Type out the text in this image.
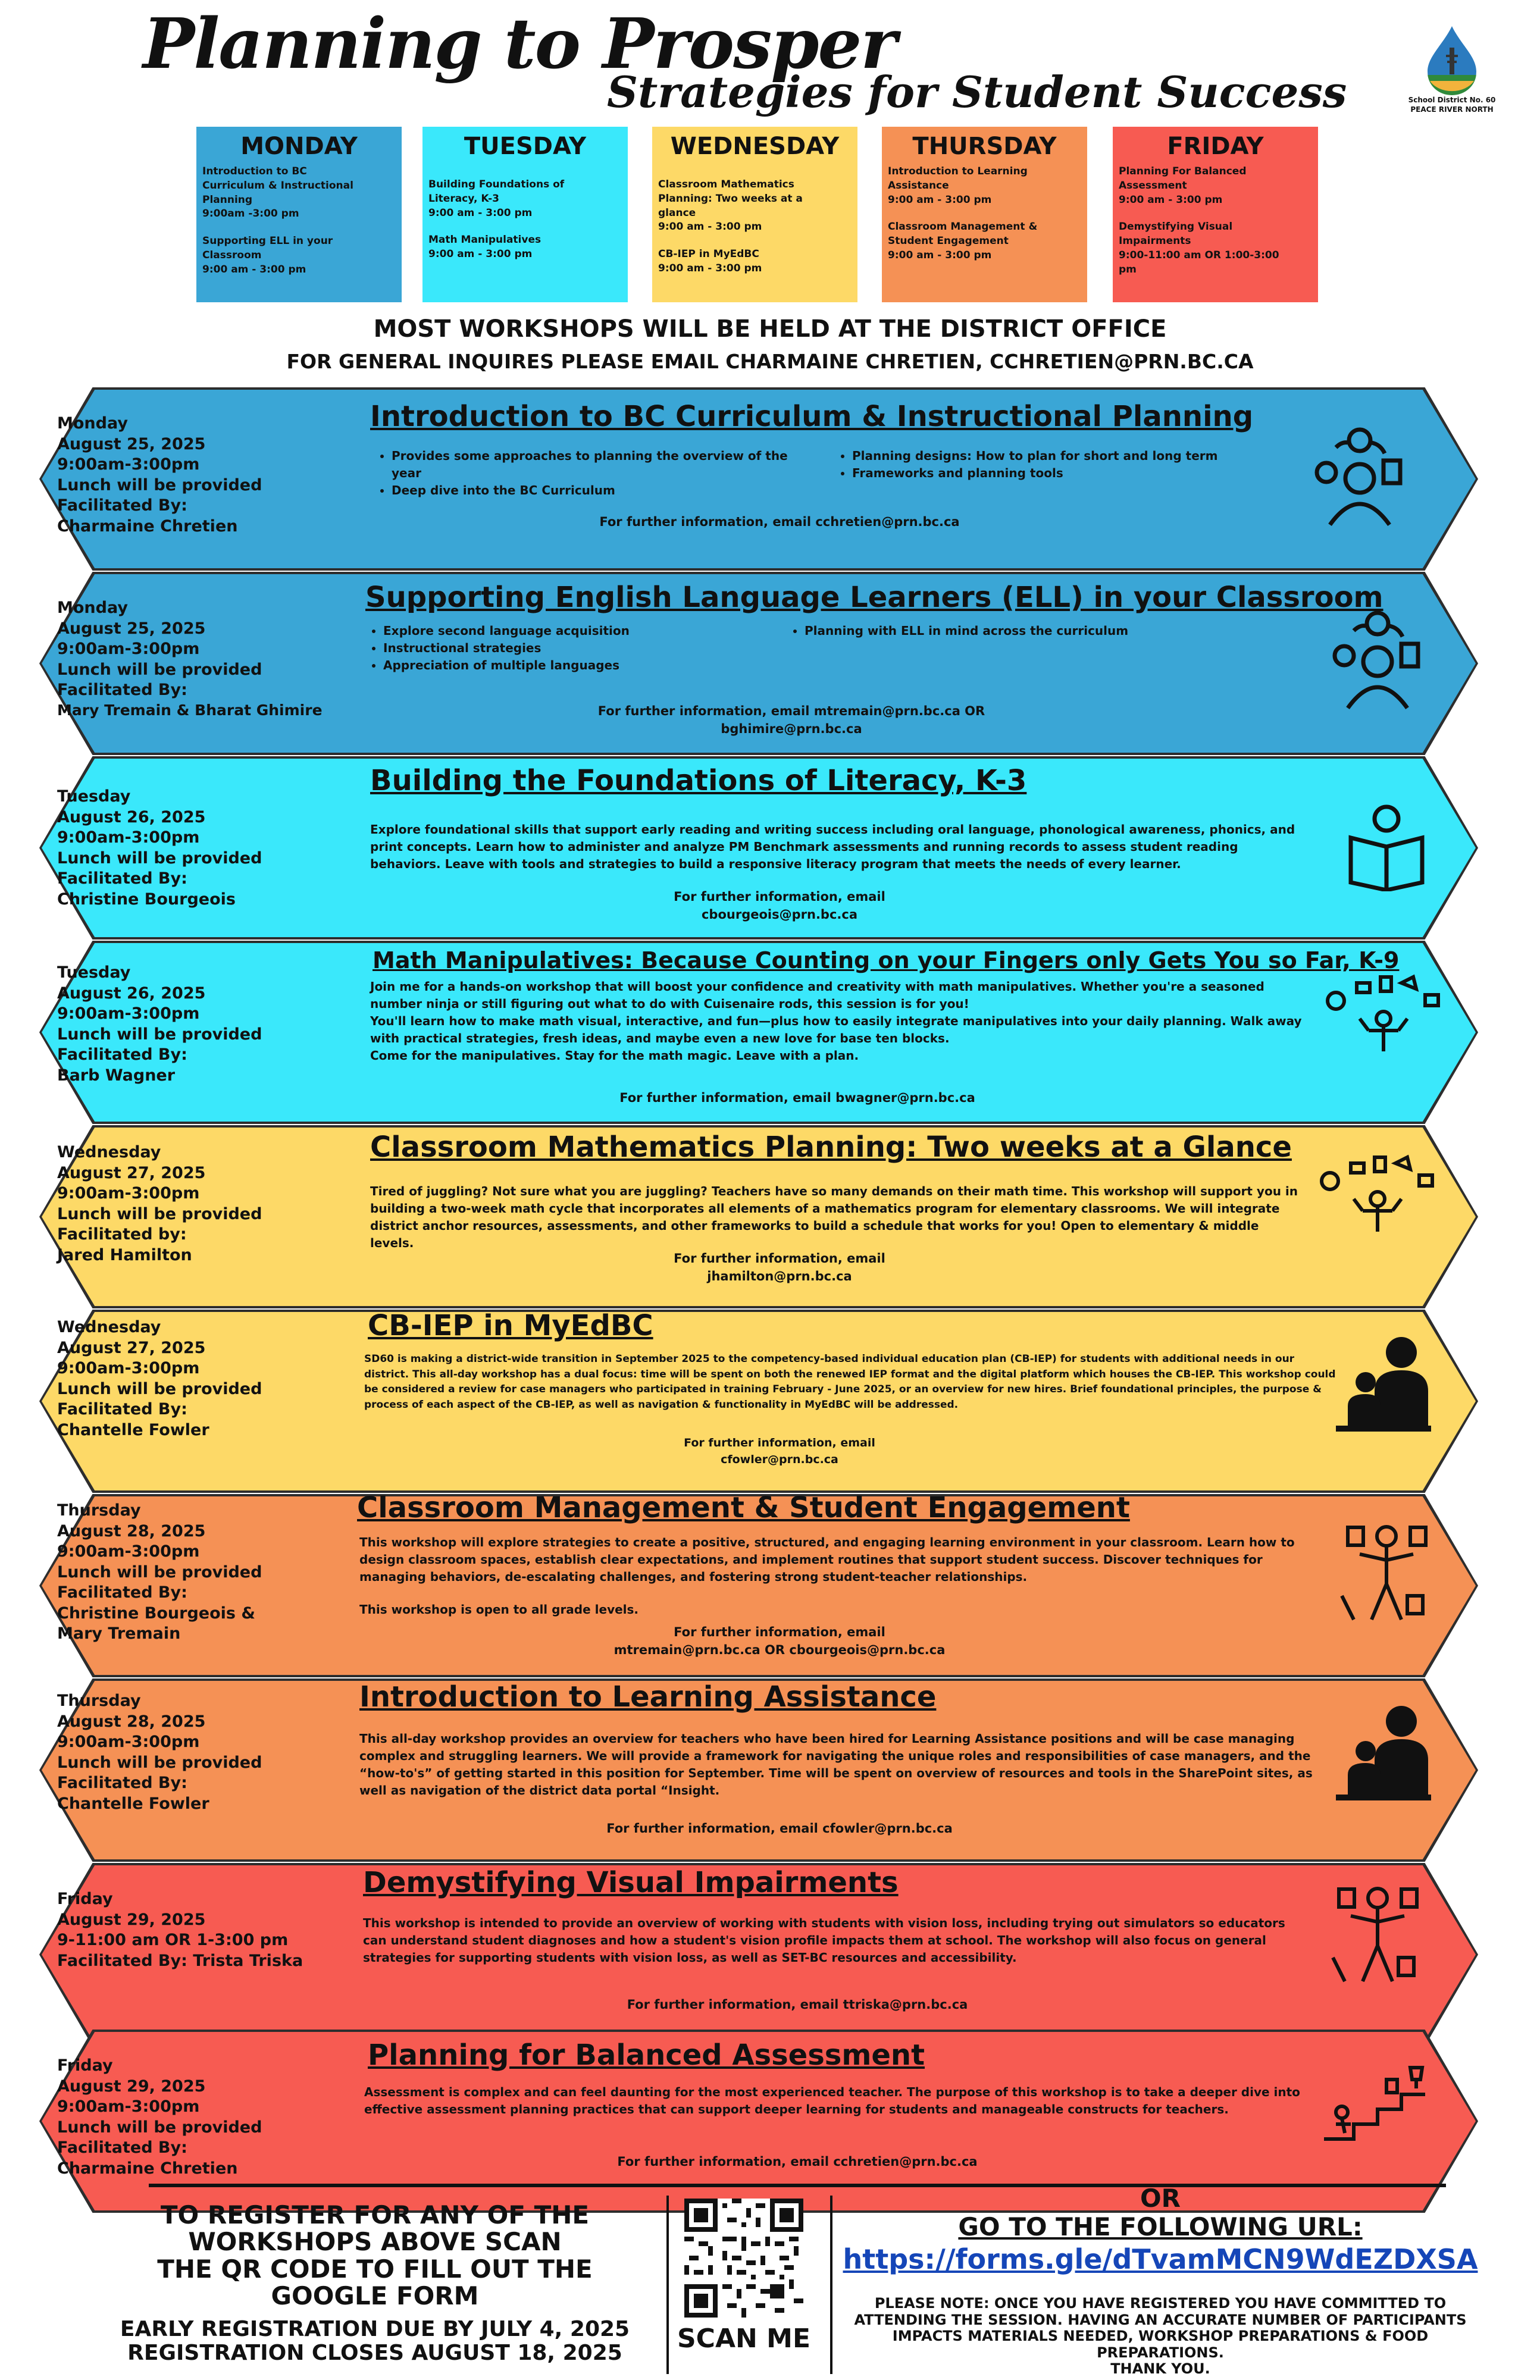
Planning to Prosper
Strategies for Student Success	School District No. 60
PEACE RIVER NORTH
MONDAY
Introduction to BC
Curriculum & Instructional
Planning
9:00am -3:00 pm
Supporting ELL in your
Classroom
9:00 am - 3:00 pm
TUESDAY
Building Foundations of
Literacy, K-3
9:00 am - 3:00 pm
Math Manipulatives
9:00 am - 3:00 pm
WEDNESDAY
Classroom Mathematics
Planning: Two weeks at a
glance
9:00 am - 3:00 pm
CB-IEP in MyEdBC
9:00 am - 3:00 pm
THURSDAY
Introduction to Learning
Assistance
9:00 am - 3:00 pm
Classroom Management &
Student Engagement
9:00 am - 3:00 pm
FRIDAY
Planning For Balanced
Assessment
9:00 am - 3:00 pm
Demystifying Visual
Impairments
9:00-11:00 am OR 1:00-3:00
pm
MOST WORKSHOPS WILL BE HELD AT THE DISTRICT OFFICE
FOR GENERAL INQUIRES PLEASE EMAIL CHARMAINE CHRETIEN, CCHRETIEN@PRN.BC.CA
Monday
August 25, 2025
9:00am-3:00pm
Lunch will be provided
Facilitated By:
Charmaine Chretien
Introduction to BC Curriculum & Instructional Planning
• Provides some approaches to planning the overview of the year
• Deep dive into the BC Curriculum
• Planning designs: How to plan for short and long term
• Frameworks and planning tools
For further information, email cchretien@prn.bc.ca
Monday
August 25, 2025
9:00am-3:00pm
Lunch will be provided
Facilitated By:
Mary Tremain & Bharat Ghimire
Supporting English Language Learners (ELL) in your Classroom
• Explore second language acquisition
• Instructional strategies
• Appreciation of multiple languages
• Planning with ELL in mind across the curriculum
For further information, email mtremain@prn.bc.ca OR
bghimire@prn.bc.ca
Tuesday
August 26, 2025
9:00am-3:00pm
Lunch will be provided
Facilitated By:
Christine Bourgeois
Building the Foundations of Literacy, K-3
Explore foundational skills that support early reading and writing success including oral language, phonological awareness, phonics, and print concepts. Learn how to administer and analyze PM Benchmark assessments and running records to assess student reading behaviors. Leave with tools and strategies to build a responsive literacy program that meets the needs of every learner.
For further information, email
cbourgeois@prn.bc.ca
Tuesday
August 26, 2025
9:00am-3:00pm
Lunch will be provided
Facilitated By:
Barb Wagner
Math Manipulatives: Because Counting on your Fingers only Gets You so Far, K-9
Join me for a hands-on workshop that will boost your confidence and creativity with math manipulatives. Whether you're a seasoned number ninja or still figuring out what to do with Cuisenaire rods, this session is for you!
You'll learn how to make math visual, interactive, and fun—plus how to easily integrate manipulatives into your daily planning. Walk away with practical strategies, fresh ideas, and maybe even a new love for base ten blocks.
Come for the manipulatives. Stay for the math magic. Leave with a plan.
For further information, email bwagner@prn.bc.ca
Wednesday
August 27, 2025
9:00am-3:00pm
Lunch will be provided
Facilitated by:
Jared Hamilton
Classroom Mathematics Planning: Two weeks at a Glance
Tired of juggling? Not sure what you are juggling? Teachers have so many demands on their math time. This workshop will support you in building a two-week math cycle that incorporates all elements of a mathematics program for elementary classrooms. We will integrate district anchor resources, assessments, and other frameworks to build a schedule that works for you! Open to elementary & middle levels.
For further information, email
jhamilton@prn.bc.ca
Wednesday
August 27, 2025
9:00am-3:00pm
Lunch will be provided
Facilitated By:
Chantelle Fowler
CB-IEP in MyEdBC
SD60 is making a district-wide transition in September 2025 to the competency-based individual education plan (CB-IEP) for students with additional needs in our district. This all-day workshop has a dual focus: time will be spent on both the renewed IEP format and the digital platform which houses the CB-IEP. This workshop could be considered a review for case managers who participated in training February - June 2025, or an overview for new hires. Brief foundational principles, the purpose & process of each aspect of the CB-IEP, as well as navigation & functionality in MyEdBC will be addressed.
For further information, email
cfowler@prn.bc.ca
Thursday
August 28, 2025
9:00am-3:00pm
Lunch will be provided
Facilitated By:
Christine Bourgeois &
Mary Tremain
Classroom Management & Student Engagement
This workshop will explore strategies to create a positive, structured, and engaging learning environment in your classroom. Learn how to design classroom spaces, establish clear expectations, and implement routines that support student success. Discover techniques for managing behaviors, de-escalating challenges, and fostering strong student-teacher relationships.
This workshop is open to all grade levels.
For further information, email
mtremain@prn.bc.ca OR cbourgeois@prn.bc.ca
Thursday
August 28, 2025
9:00am-3:00pm
Lunch will be provided
Facilitated By:
Chantelle Fowler
Introduction to Learning Assistance
This all-day workshop provides an overview for teachers who have been hired for Learning Assistance positions and will be case managing complex and struggling learners. We will provide a framework for navigating the unique roles and responsibilities of case managers, and the “how-to's” of getting started in this position for September. Time will be spent on overview of resources and tools in the SharePoint sites, as well as navigation of the district data portal “Insight.
For further information, email cfowler@prn.bc.ca
Friday
August 29, 2025
9-11:00 am OR 1-3:00 pm
Facilitated By: Trista Triska
Demystifying Visual Impairments
This workshop is intended to provide an overview of working with students with vision loss, including trying out simulators so educators can understand student diagnoses and how a student's vision profile impacts them at school. The workshop will also focus on general strategies for supporting students with vision loss, as well as SET-BC resources and accessibility.
For further information, email ttriska@prn.bc.ca
Friday
August 29, 2025
9:00am-3:00pm
Lunch will be provided
Facilitated By:
Charmaine Chretien
Planning for Balanced Assessment
Assessment is complex and can feel daunting for the most experienced teacher. The purpose of this workshop is to take a deeper dive into effective assessment planning practices that can support deeper learning for students and manageable constructs for teachers.
For further information, email cchretien@prn.bc.ca
TO REGISTER FOR ANY OF THE
WORKSHOPS ABOVE SCAN
THE QR CODE TO FILL OUT THE
GOOGLE FORM
EARLY REGISTRATION DUE BY JULY 4, 2025
REGISTRATION CLOSES AUGUST 18, 2025	SCAN ME
OR
GO TO THE FOLLOWING URL:
https://forms.gle/dTvamMCN9WdEZDXSA
PLEASE NOTE: ONCE YOU HAVE REGISTERED YOU HAVE COMMITTED TO ATTENDING THE SESSION. HAVING AN ACCURATE NUMBER OF PARTICIPANTS IMPACTS MATERIALS NEEDED, WORKSHOP PREPARATIONS & FOOD PREPARATIONS.
THANK YOU.
